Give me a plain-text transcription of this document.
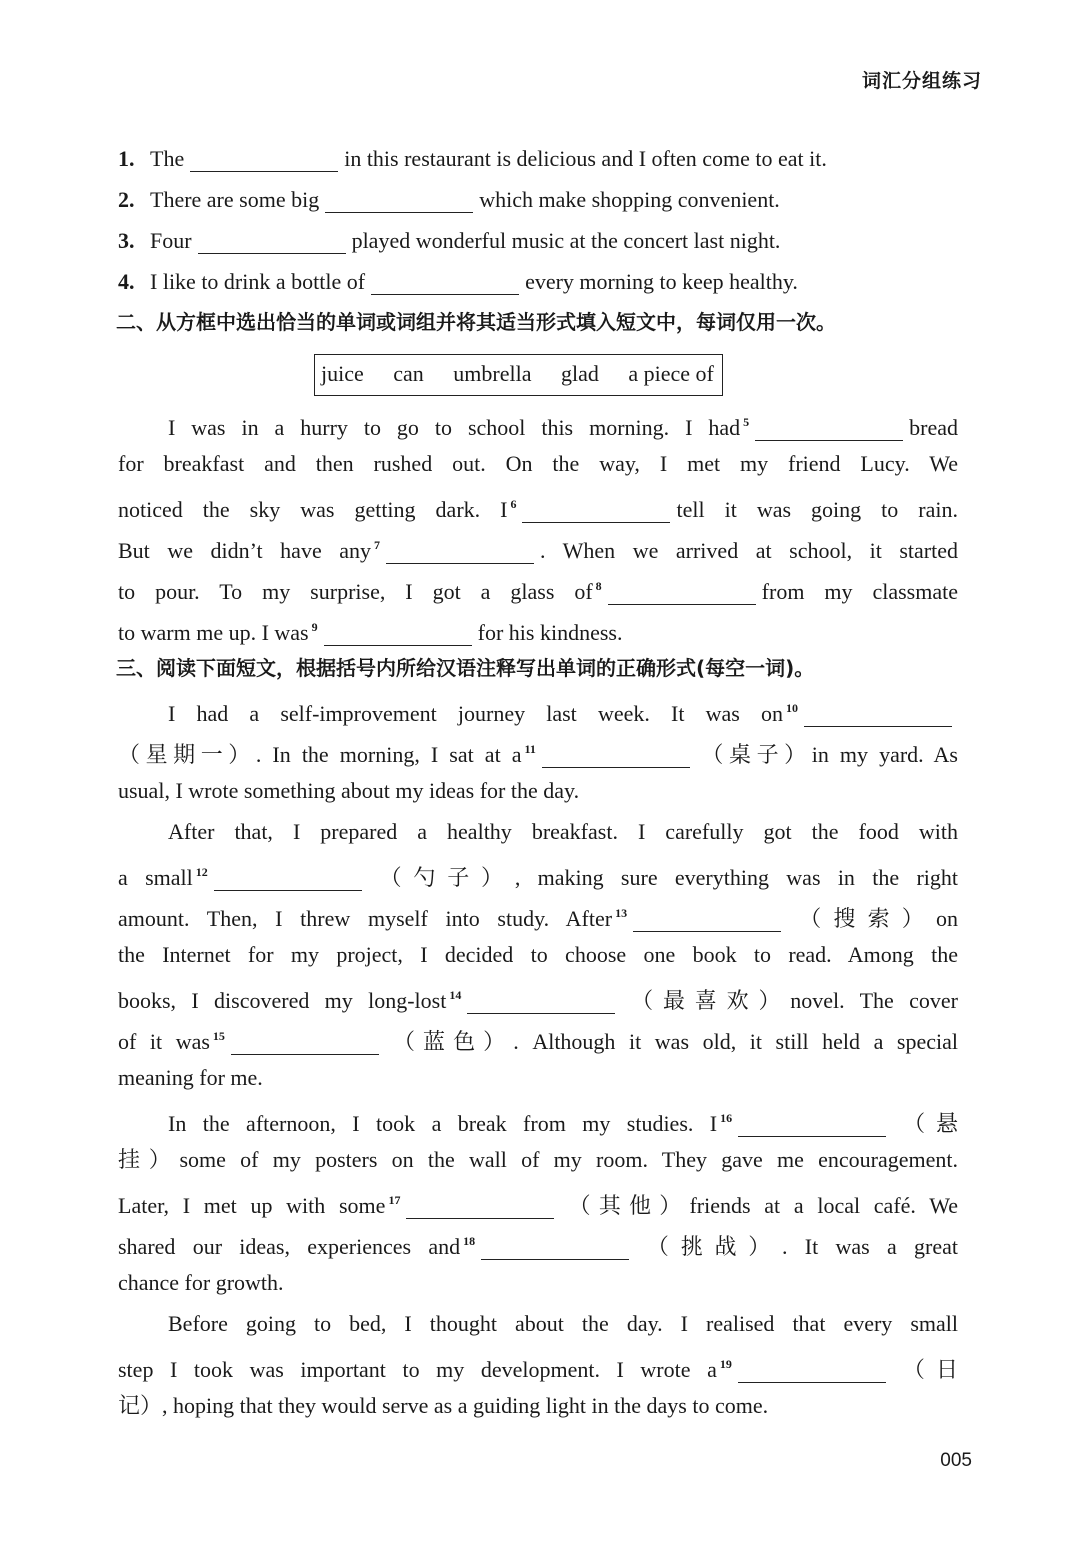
词汇分组练习
1. The	in this restaurant is delicious and I often come to eat it.
2. There are some big	which make shopping convenient.
3. Four	played wonderful music at the concert last night.
4. I like to drink a bottle of	every morning to keep healthy.
二、从方框中选出恰当的单词或词组并将其适当形式填入短文中，每词仅用一次。
juice can umbrella glad a piece of
I was in a hurry to go to school this morning. I had $^5$	bread
for breakfast and then rushed out. On the way, I met my friend Lucy. We
noticed the sky was getting dark. I $^6$	tell it was going to rain.
But we didn’t have any $^7$	. When we arrived at school, it started
to pour. To my surprise, I got a glass of $^8$	from my classmate
to warm me up. I was $^9$	for his kindness.
三、阅读下面短文，根据括号内所给汉语注释写出单词的正确形式(每空一词)。
I had a self-improvement journey last week. It was on $^{10}$
（星期一）. In the morning, I sat at a $^{11}$	（桌子）in my yard. As
usual, I wrote something about my ideas for the day.
After that, I prepared a healthy breakfast. I carefully got the food with
a small $^{12}$	（勺子）, making sure everything was in the right
amount. Then, I threw myself into study. After $^{13}$	（搜索）on
the Internet for my project, I decided to choose one book to read. Among the
books, I discovered my long-lost $^{14}$	（最喜欢）novel. The cover
of it was $^{15}$	（蓝色）. Although it was old, it still held a special
meaning for me.
In the afternoon, I took a break from my studies. I $^{16}$	（悬
挂）some of my posters on the wall of my room. They gave me encouragement.
Later, I met up with some $^{17}$	（其他）friends at a local café. We
shared our ideas, experiences and $^{18}$	（挑战）. It was a great
chance for growth.
Before going to bed, I thought about the day. I realised that every small
step I took was important to my development. I wrote a $^{19}$	（日
记）, hoping that they would serve as a guiding light in the days to come.
005
